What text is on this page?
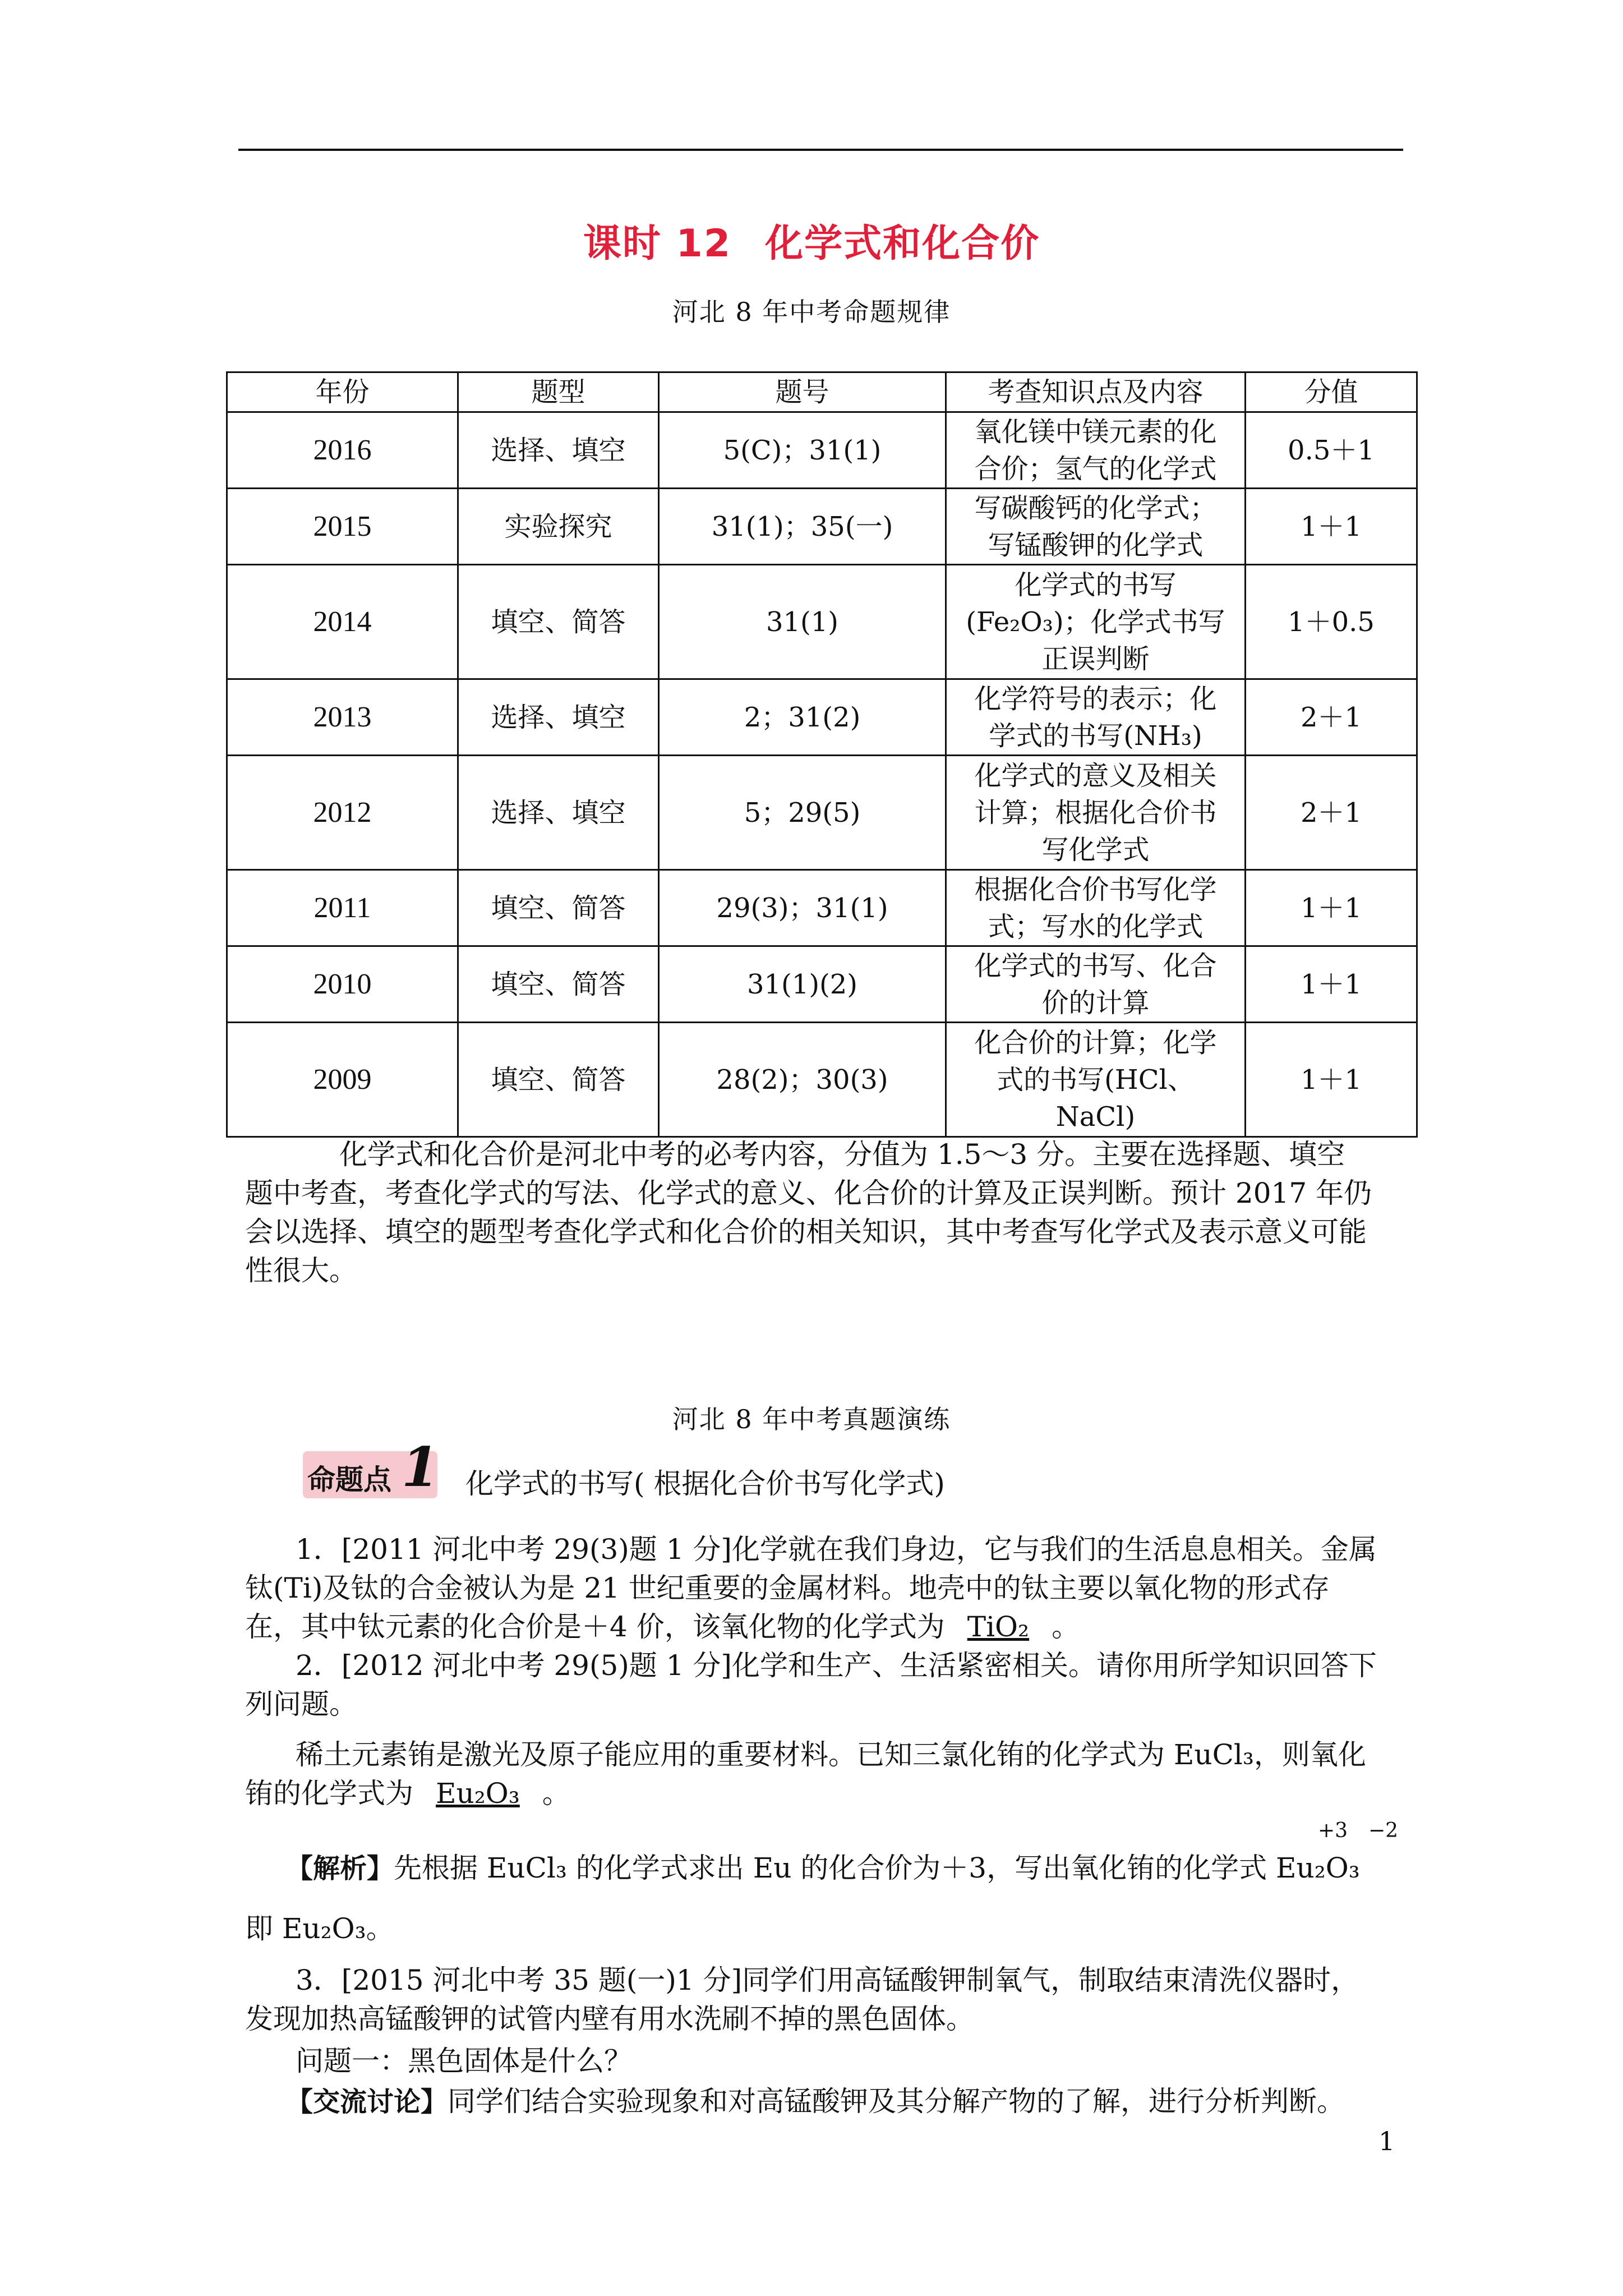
课时 12 化学式和化合价
河北 8 年中考命题规律
年份	题型	题号	考查知识点及内容	分值
2016	选择、填空	5(C)；31(1)	氧化镁中镁元素的化
合价；氢气的化学式	0.5＋1
2015	实验探究	31(1)；35(一)	写碳酸钙的化学式；
写锰酸钾的化学式	1＋1
2014	填空、简答	31(1)	化学式的书写
(Fe₂O₃)；化学式书写
正误判断	1＋0.5
2013	选择、填空	2；31(2)	化学符号的表示；化
学式的书写(NH₃)	2＋1
2012	选择、填空	5；29(5)	化学式的意义及相关
计算；根据化合价书
写化学式	2＋1
2011	填空、简答	29(3)；31(1)	根据化合价书写化学
式；写水的化学式	1＋1
2010	填空、简答	31(1)(2)	化学式的书写、化合
价的计算	1＋1
2009	填空、简答	28(2)；30(3)	化合价的计算；化学
式的书写(HCl、
NaCl)	1＋1
化学式和化合价是河北中考的必考内容，分值为 1.5～3 分。主要在选择题、填空
题中考查，考查化学式的写法、化学式的意义、化合价的计算及正误判断。预计 2017 年仍
会以选择、填空的题型考查化学式和化合价的相关知识，其中考查写化学式及表示意义可能
性很大。
河北 8 年中考真题演练
命题点 1 化学式的书写( 根据化合价书写化学式)
1．[2011 河北中考 29(3)题 1 分]化学就在我们身边，它与我们的生活息息相关。金属
钛(Ti)及钛的合金被认为是 21 世纪重要的金属材料。地壳中的钛主要以氧化物的形式存
在，其中钛元素的化合价是＋4 价，该氧化物的化学式为 TiO₂ 。
2．[2012 河北中考 29(5)题 1 分]化学和生产、生活紧密相关。请你用所学知识回答下
列问题。
稀土元素铕是激光及原子能应用的重要材料。已知三氯化铕的化学式为 EuCl₃，则氧化
铕的化学式为 Eu₂O₃ 。
+3 −2
【解析】先根据 EuCl₃ 的化学式求出 Eu 的化合价为＋3，写出氧化铕的化学式 Eu₂O₃
即 Eu₂O₃。
3．[2015 河北中考 35 题(一)1 分]同学们用高锰酸钾制氧气，制取结束清洗仪器时，
发现加热高锰酸钾的试管内壁有用水洗刷不掉的黑色固体。
问题一：黑色固体是什么？
【交流讨论】同学们结合实验现象和对高锰酸钾及其分解产物的了解，进行分析判断。
1
